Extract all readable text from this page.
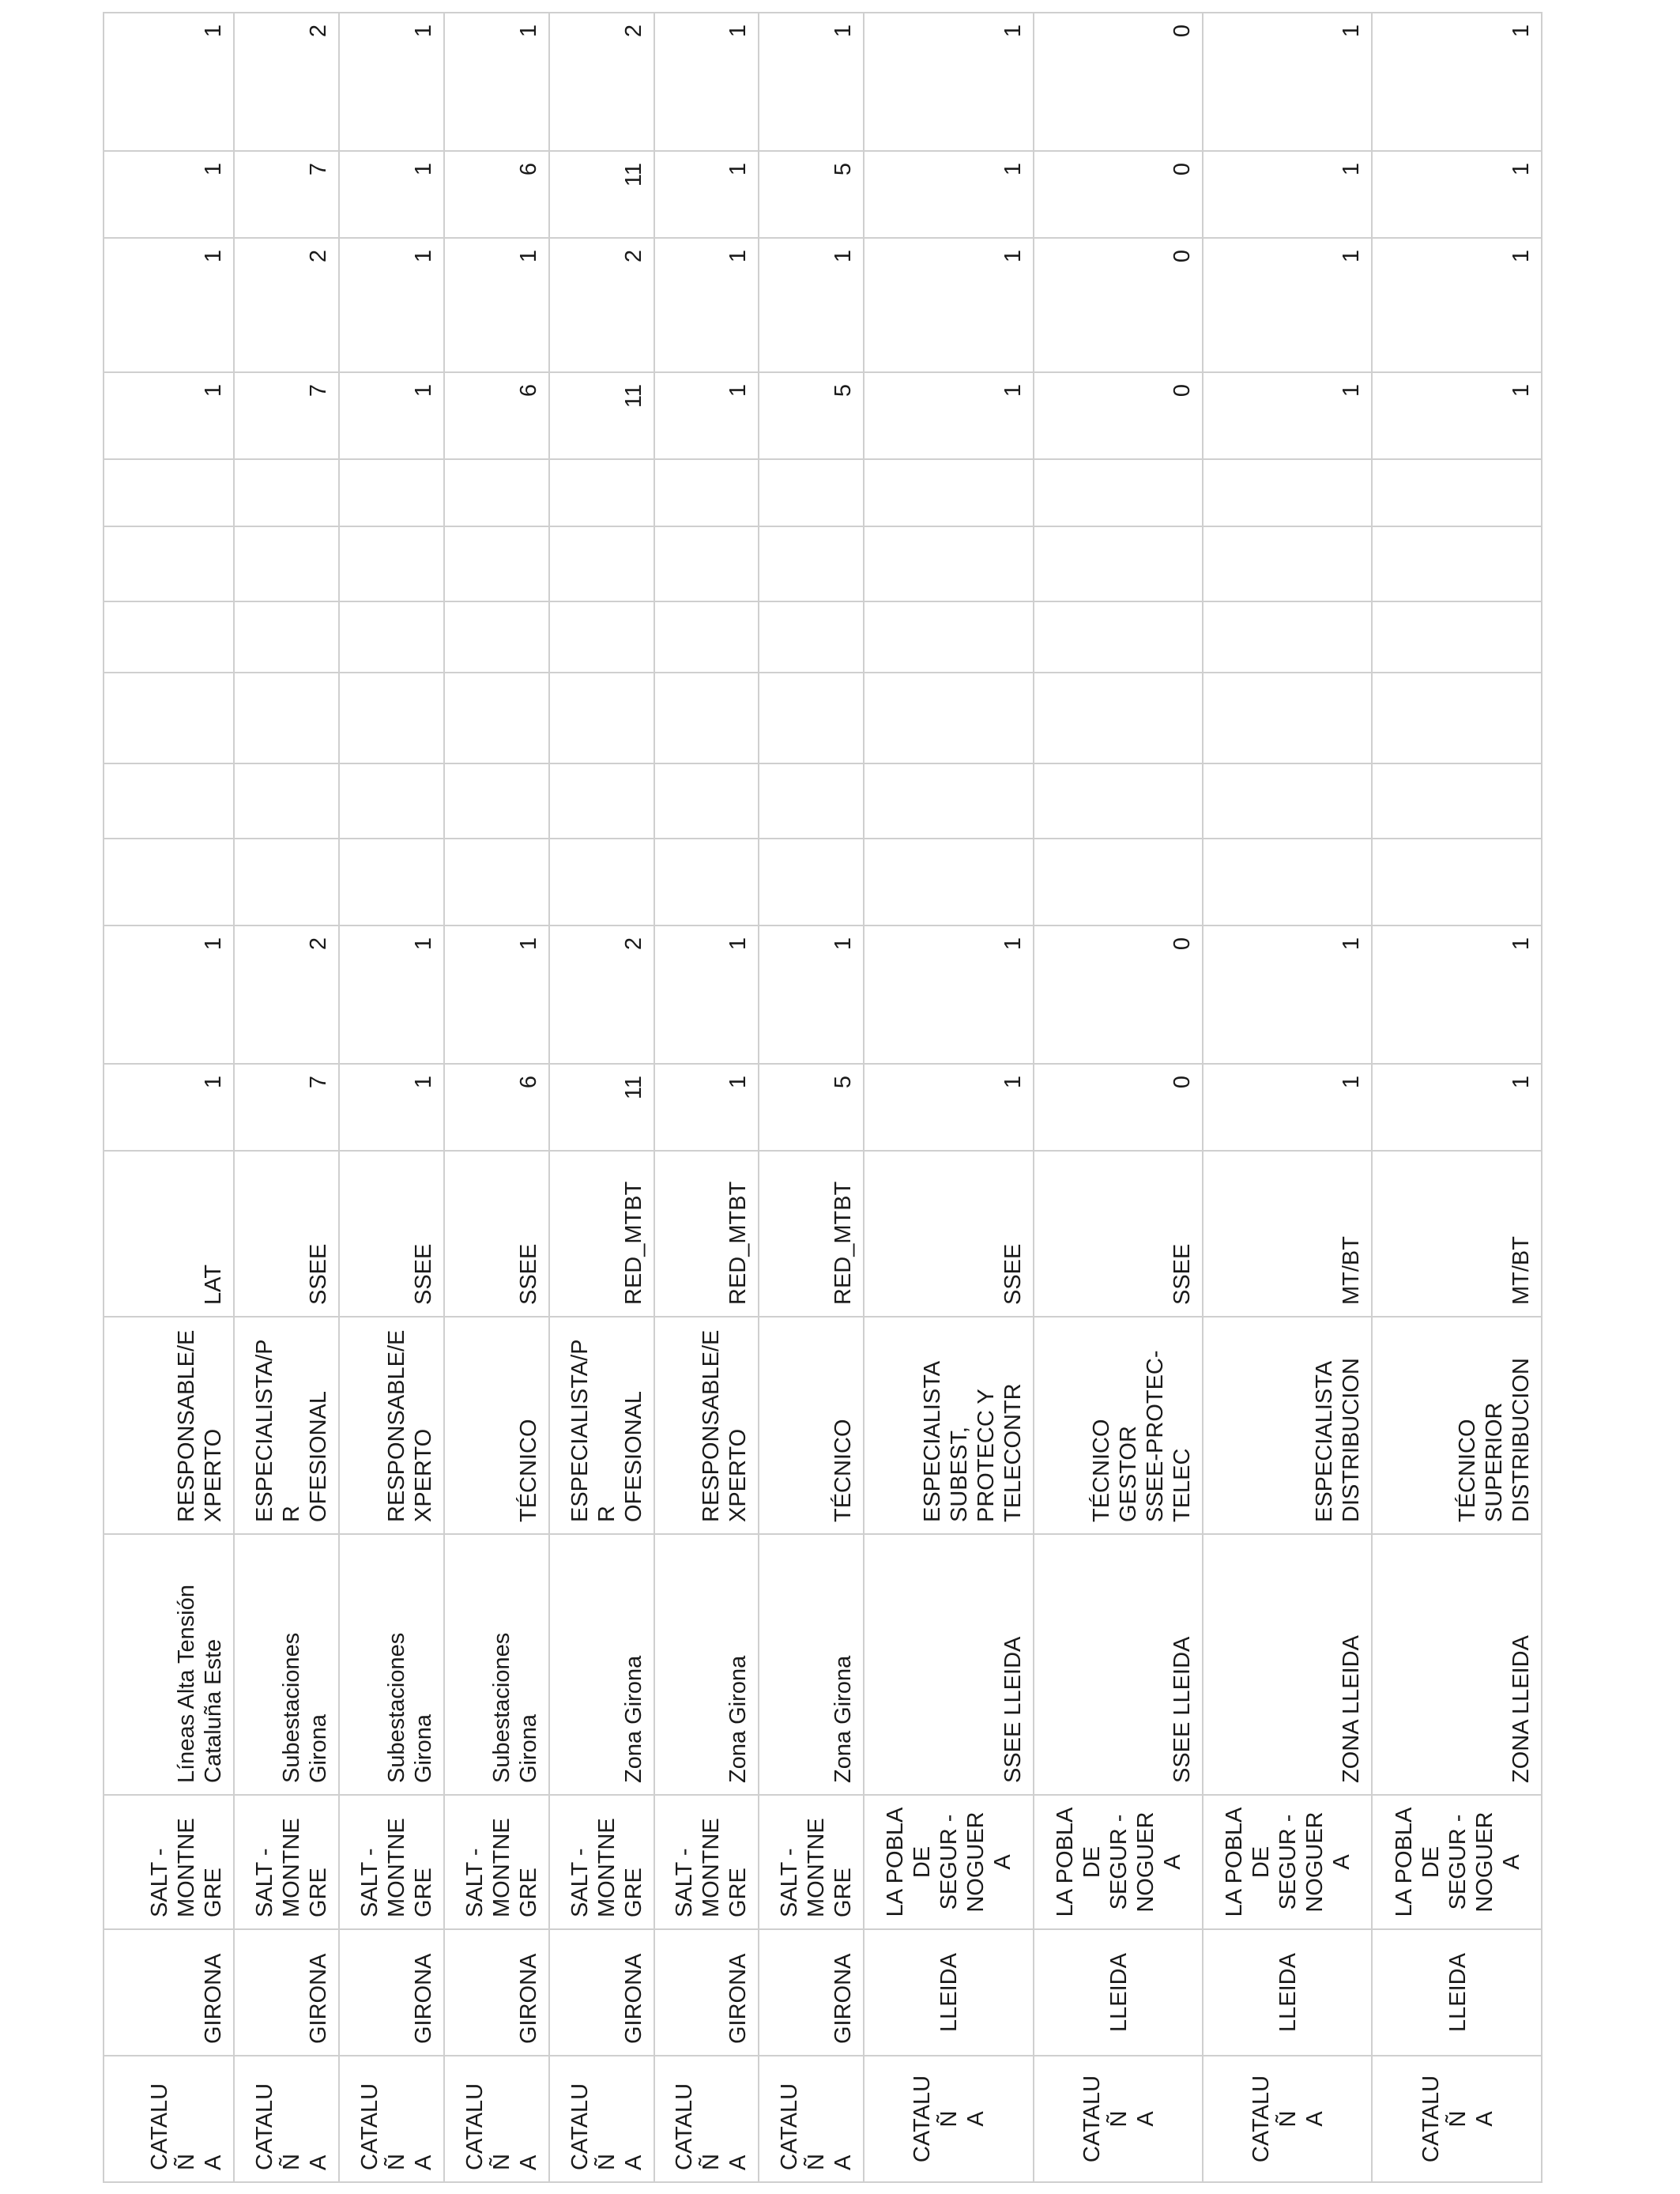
CATALUÑ
A	GIRONA	SALT -
MONTNE
GRE	Líneas Alta Tensión
Cataluña Este	RESPONSABLE/E
XPERTO	LAT	1	1							1	1	1	1
CATALUÑ
A	GIRONA	SALT -
MONTNE
GRE	Subestaciones
Girona	ESPECIALISTA/PR
OFESIONAL	SSEE	7	2							7	2	7	2
CATALUÑ
A	GIRONA	SALT -
MONTNE
GRE	Subestaciones
Girona	RESPONSABLE/E
XPERTO	SSEE	1	1							1	1	1	1
CATALUÑ
A	GIRONA	SALT -
MONTNE
GRE	Subestaciones
Girona	TÉCNICO	SSEE	6	1							6	1	6	1
CATALUÑ
A	GIRONA	SALT -
MONTNE
GRE	Zona Girona	ESPECIALISTA/PR
OFESIONAL	RED_MTBT	11	2							11	2	11	2
CATALUÑ
A	GIRONA	SALT -
MONTNE
GRE	Zona Girona	RESPONSABLE/E
XPERTO	RED_MTBT	1	1							1	1	1	1
CATALUÑ
A	GIRONA	SALT -
MONTNE
GRE	Zona Girona	TÉCNICO	RED_MTBT	5	1							5	1	5	1
CATALUÑ
A	LLEIDA	LA POBLA
DE
SEGUR -
NOGUER
A	SSEE LLEIDA	ESPECIALISTA
SUBEST,
PROTECC Y
TELECONTR	SSEE	1	1							1	1	1	1
CATALUÑ
A	LLEIDA	LA POBLA
DE
SEGUR -
NOGUER
A	SSEE LLEIDA	TÉCNICO GESTOR
SSEE-PROTEC-
TELEC	SSEE	0	0							0	0	0	0
CATALUÑ
A	LLEIDA	LA POBLA
DE
SEGUR -
NOGUER
A	ZONA LLEIDA	ESPECIALISTA
DISTRIBUCION	MT/BT	1	1							1	1	1	1
CATALUÑ
A	LLEIDA	LA POBLA
DE
SEGUR -
NOGUER
A	ZONA LLEIDA	TÉCNICO
SUPERIOR
DISTRIBUCION	MT/BT	1	1							1	1	1	1
